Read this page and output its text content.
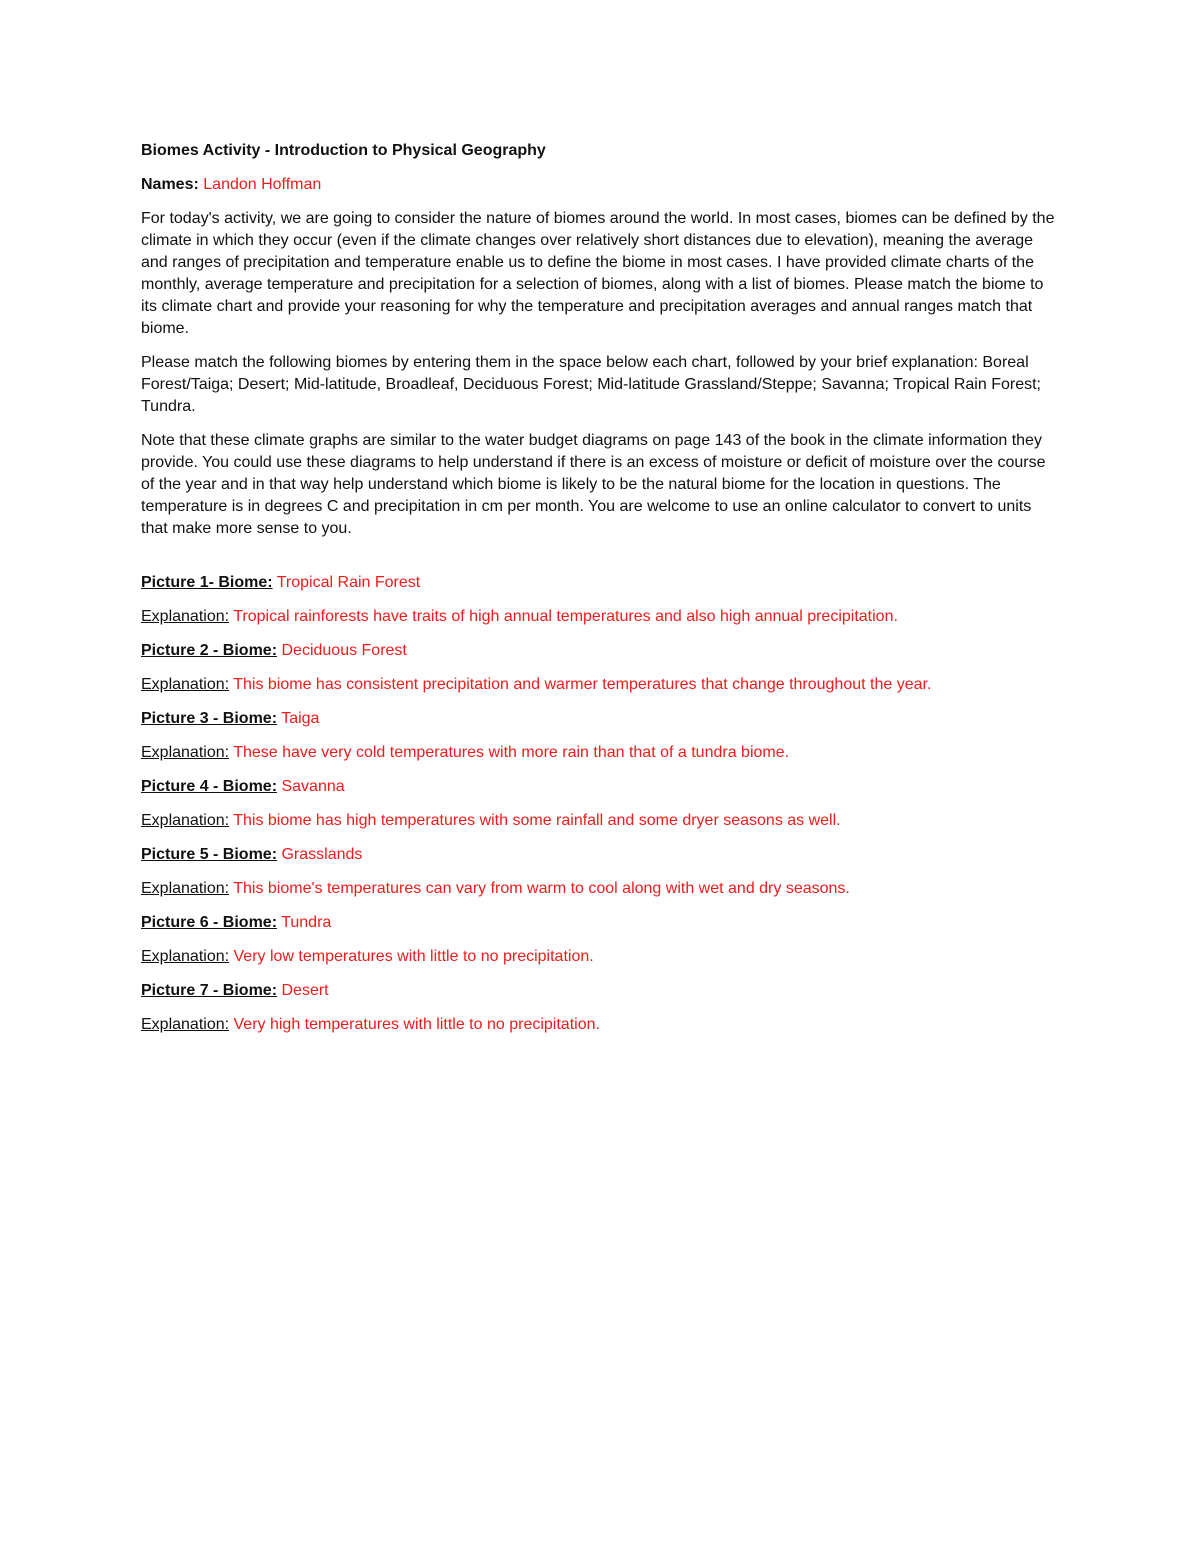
Biomes Activity - Introduction to Physical Geography
Names: Landon Hoffman
For today's activity, we are going to consider the nature of biomes around the world. In most cases, biomes can be defined by the climate in which they occur (even if the climate changes over relatively short distances due to elevation), meaning the average and ranges of precipitation and temperature enable us to define the biome in most cases. I have provided climate charts of the monthly, average temperature and precipitation for a selection of biomes, along with a list of biomes. Please match the biome to its climate chart and provide your reasoning for why the temperature and precipitation averages and annual ranges match that biome.
Please match the following biomes by entering them in the space below each chart, followed by your brief explanation: Boreal Forest/Taiga; Desert; Mid-latitude, Broadleaf, Deciduous Forest; Mid-latitude Grassland/Steppe; Savanna; Tropical Rain Forest; Tundra.
Note that these climate graphs are similar to the water budget diagrams on page 143 of the book in the climate information they provide. You could use these diagrams to help understand if there is an excess of moisture or deficit of moisture over the course of the year and in that way help understand which biome is likely to be the natural biome for the location in questions. The temperature is in degrees C and precipitation in cm per month. You are welcome to use an online calculator to convert to units that make more sense to you.
Picture 1- Biome: Tropical Rain Forest
Explanation: Tropical rainforests have traits of high annual temperatures and also high annual precipitation.
Picture 2 - Biome: Deciduous Forest
Explanation: This biome has consistent precipitation and warmer temperatures that change throughout the year.
Picture 3 - Biome: Taiga
Explanation: These have very cold temperatures with more rain than that of a tundra biome.
Picture 4 - Biome: Savanna
Explanation: This biome has high temperatures with some rainfall and some dryer seasons as well.
Picture 5 - Biome: Grasslands
Explanation: This biome's temperatures can vary from warm to cool along with wet and dry seasons.
Picture 6 - Biome: Tundra
Explanation: Very low temperatures with little to no precipitation.
Picture 7 - Biome: Desert
Explanation: Very high temperatures with little to no precipitation.
